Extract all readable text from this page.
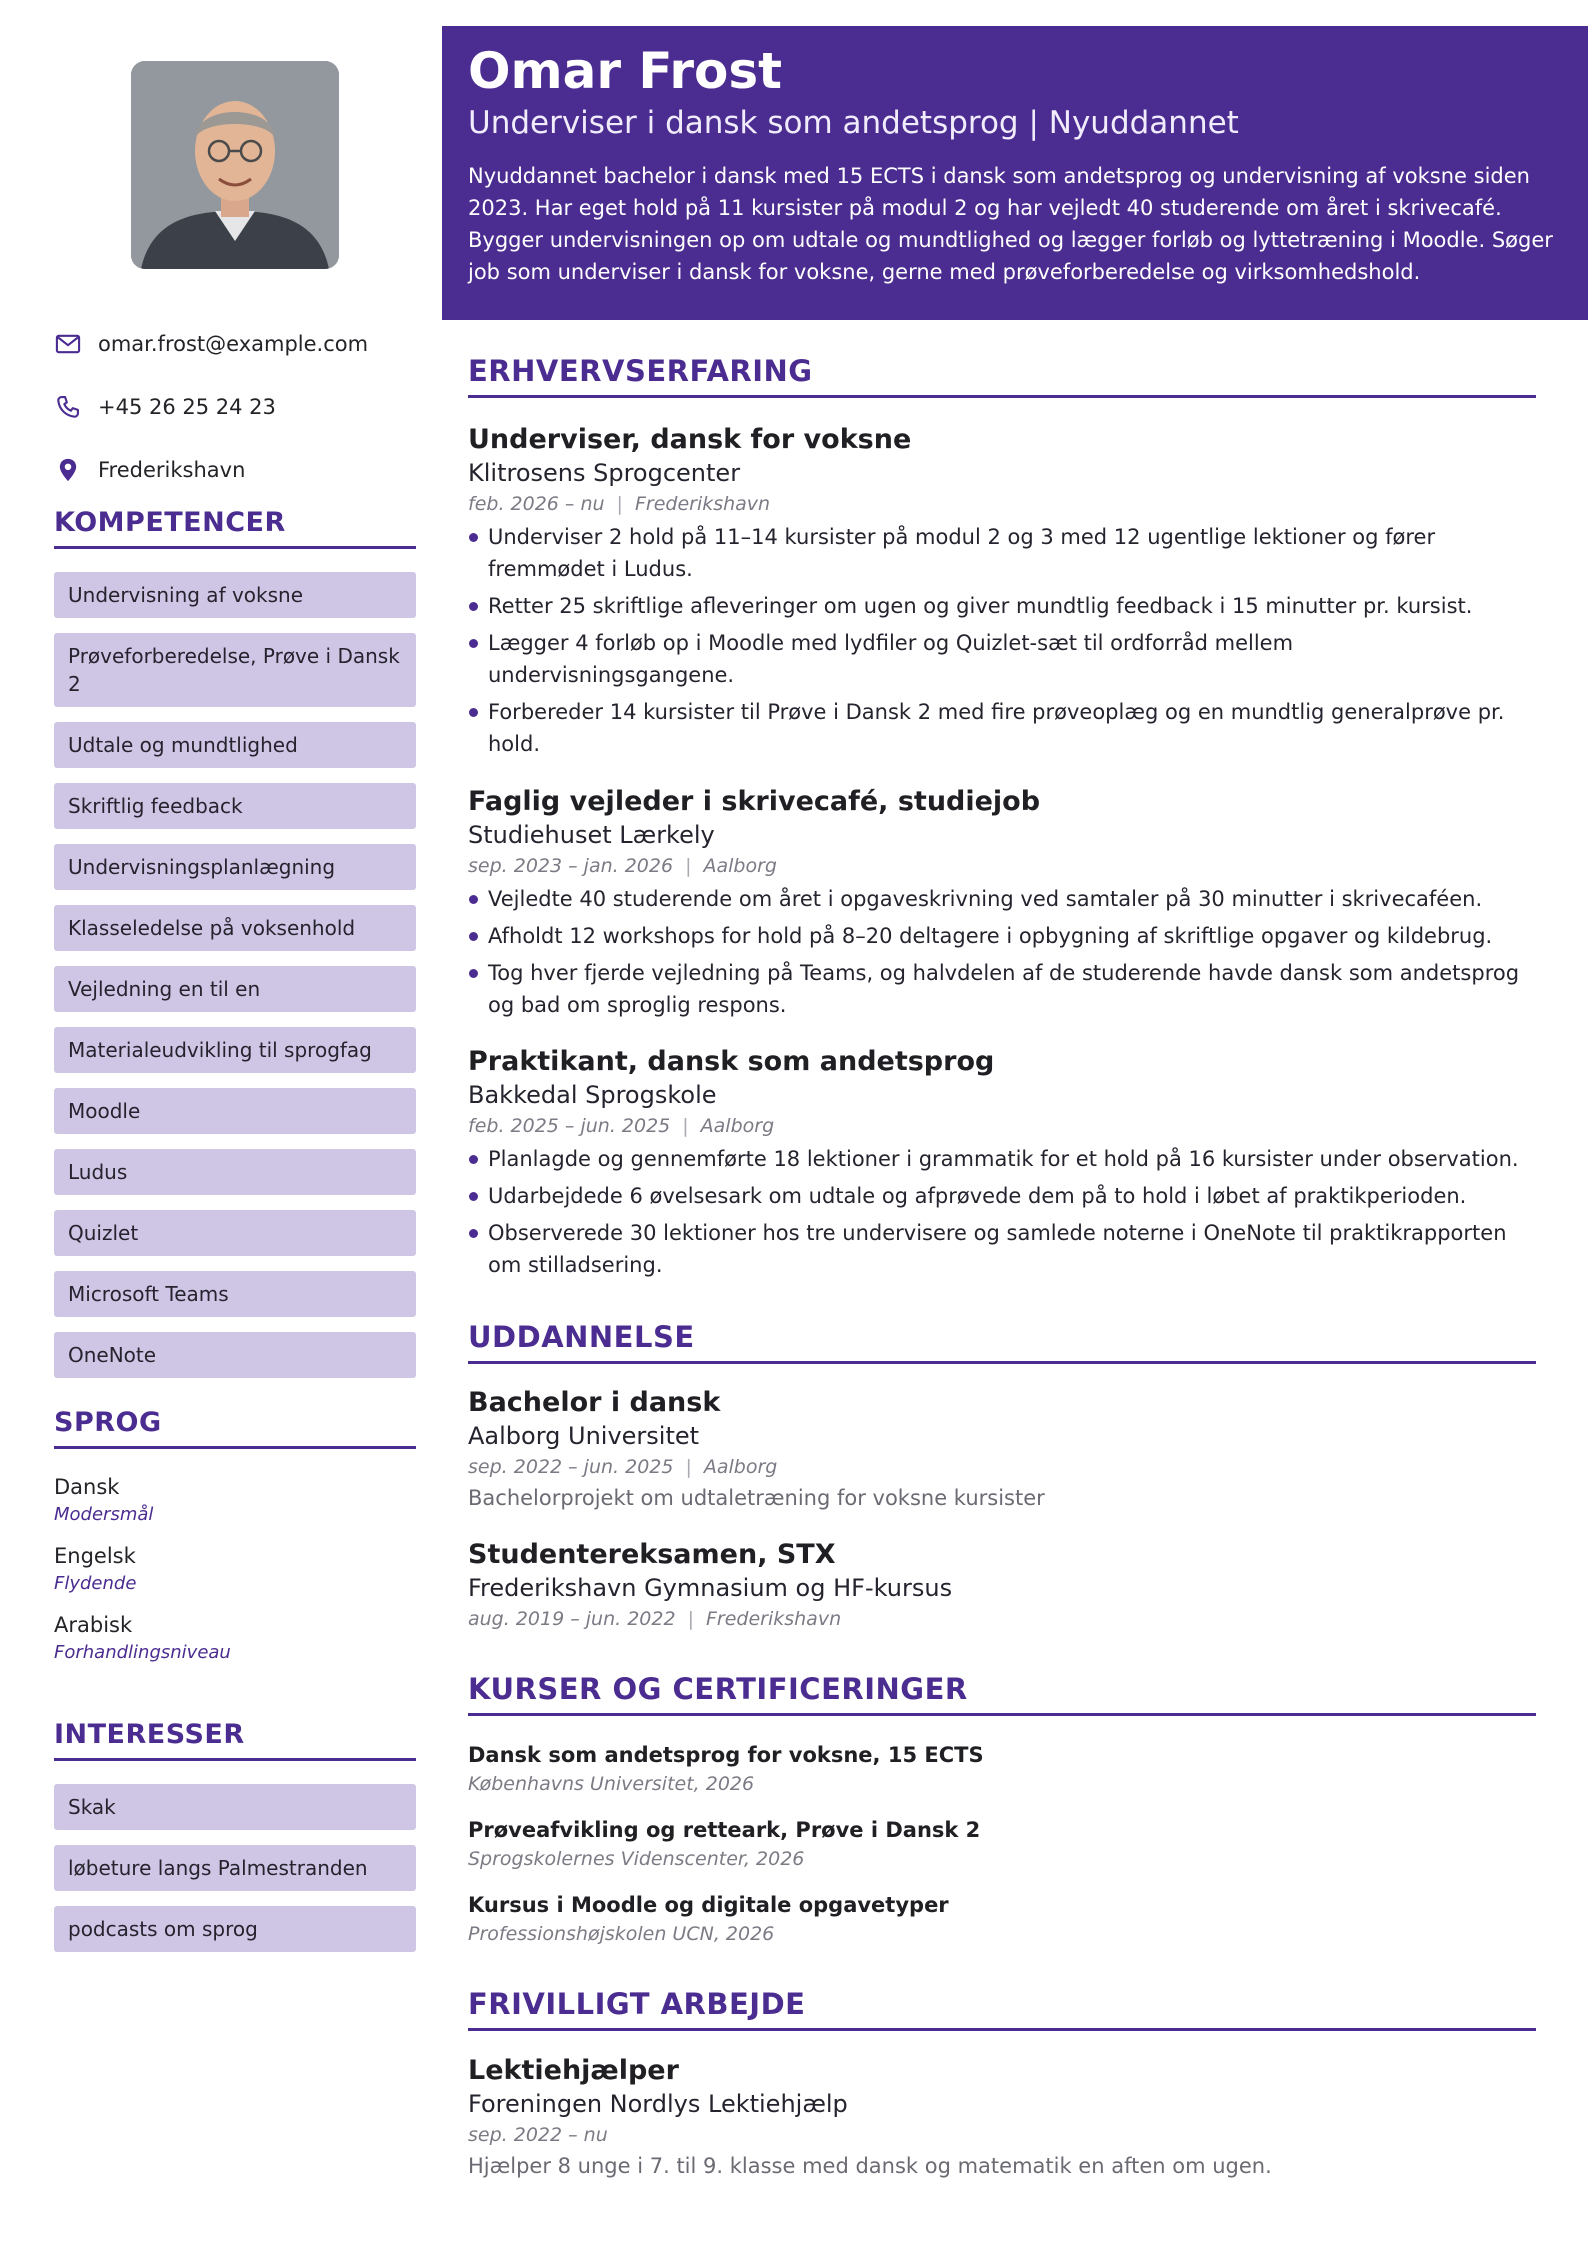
omar.frost@example.com
+45 26 25 24 23
Frederikshavn
KOMPETENCER
Undervisning af voksne
Prøveforberedelse, Prøve i Dansk 2
Udtale og mundtlighed
Skriftlig feedback
Undervisningsplanlægning
Klasseledelse på voksenhold
Vejledning en til en
Materialeudvikling til sprogfag
Moodle
Ludus
Quizlet
Microsoft Teams
OneNote
SPROG
Dansk
Modersmål
Engelsk
Flydende
Arabisk
Forhandlingsniveau
INTERESSER
Skak
løbeture langs Palmestranden
podcasts om sprog
Omar Frost
Underviser i dansk som andetsprog | Nyuddannet

Nyuddannet bachelor i dansk med 15 ECTS i dansk som andetsprog og undervisning af voksne siden 2023. Har eget hold på 11 kursister på modul 2 og har vejledt 40 studerende om året i skrivecafé. Bygger undervisningen op om udtale og mundtlighed og lægger forløb og lyttetræning i Moodle. Søger job som underviser i dansk for voksne, gerne med prøveforberedelse og virksomhedshold.

ERHVERVSERFARING
Underviser, dansk for voksne
Klitrosens Sprogcenter
feb. 2026 – nu | Frederikshavn
Underviser 2 hold på 11–14 kursister på modul 2 og 3 med 12 ugentlige lektioner og fører fremmødet i Ludus.
Retter 25 skriftlige afleveringer om ugen og giver mundtlig feedback i 15 minutter pr. kursist.
Lægger 4 forløb op i Moodle med lydfiler og Quizlet-sæt til ordforråd mellem undervisningsgangene.
Forbereder 14 kursister til Prøve i Dansk 2 med fire prøveoplæg og en mundtlig generalprøve pr. hold.
Faglig vejleder i skrivecafé, studiejob
Studiehuset Lærkely
sep. 2023 – jan. 2026 | Aalborg
Vejledte 40 studerende om året i opgaveskrivning ved samtaler på 30 minutter i skrivecaféen.
Afholdt 12 workshops for hold på 8–20 deltagere i opbygning af skriftlige opgaver og kildebrug.
Tog hver fjerde vejledning på Teams, og halvdelen af de studerende havde dansk som andetsprog og bad om sproglig respons.
Praktikant, dansk som andetsprog
Bakkedal Sprogskole
feb. 2025 – jun. 2025 | Aalborg
Planlagde og gennemførte 18 lektioner i grammatik for et hold på 16 kursister under observation.
Udarbejdede 6 øvelsesark om udtale og afprøvede dem på to hold i løbet af praktikperioden.
Observerede 30 lektioner hos tre undervisere og samlede noterne i OneNote til praktikrapporten om stilladsering.
UDDANNELSE
Bachelor i dansk
Aalborg Universitet
sep. 2022 – jun. 2025 | Aalborg
Bachelorprojekt om udtaletræning for voksne kursister
Studentereksamen, STX
Frederikshavn Gymnasium og HF-kursus
aug. 2019 – jun. 2022 | Frederikshavn
KURSER OG CERTIFICERINGER
Dansk som andetsprog for voksne, 15 ECTS
Københavns Universitet, 2026
Prøveafvikling og retteark, Prøve i Dansk 2
Sprogskolernes Videnscenter, 2026
Kursus i Moodle og digitale opgavetyper
Professionshøjskolen UCN, 2026
FRIVILLIGT ARBEJDE
Lektiehjælper
Foreningen Nordlys Lektiehjælp
sep. 2022 – nu
Hjælper 8 unge i 7. til 9. klasse med dansk og matematik en aften om ugen.
